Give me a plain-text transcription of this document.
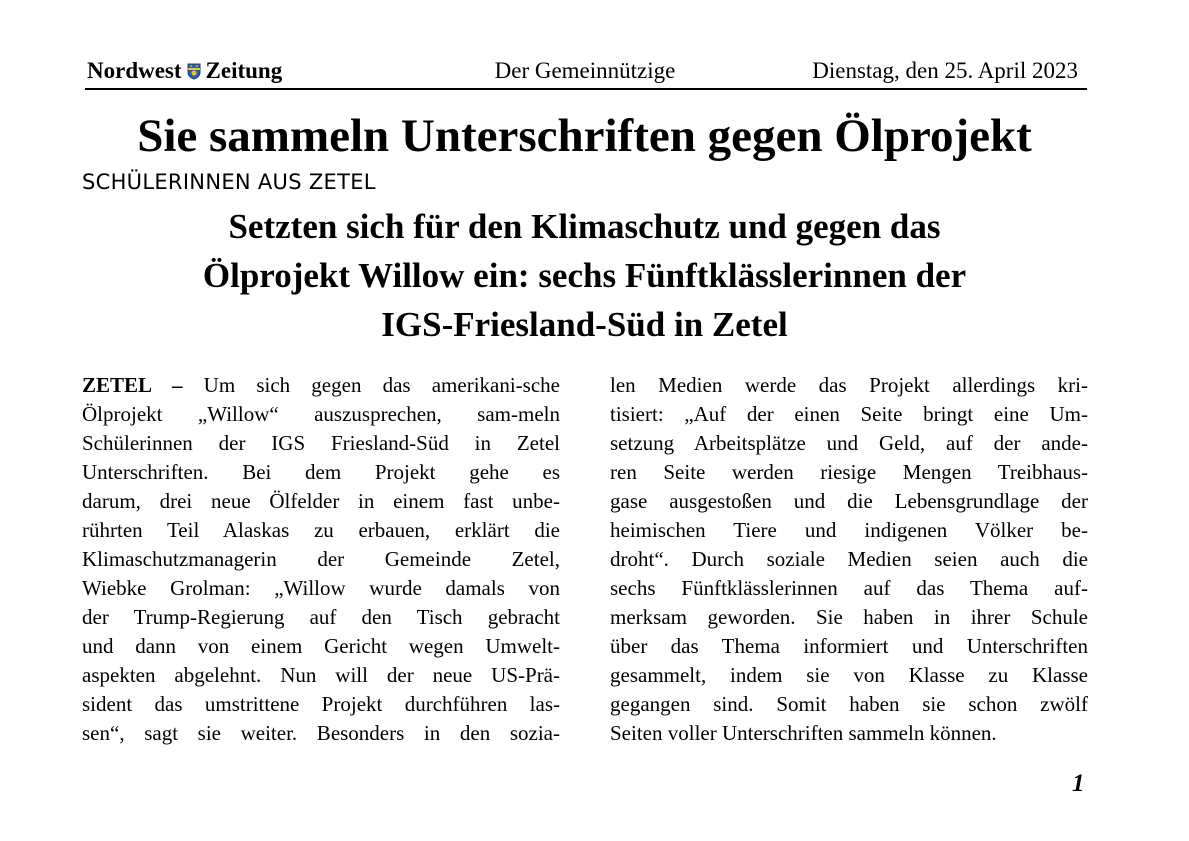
Nordwest Zeitung	Der Gemeinnützige	Dienstag, den 25. April 2023
Sie sammeln Unterschriften gegen Ölprojekt
SCHÜLERINNEN AUS ZETEL
Setzten sich für den Klimaschutz und gegen das
Ölprojekt Willow ein: sechs Fünftklässlerinnen der
IGS-Friesland-Süd in Zetel
ZETEL – Um sich gegen das amerikani-sche
Ölprojekt „Willow“ auszusprechen, sam-meln
Schülerinnen der IGS Friesland-Süd in Zetel
Unterschriften. Bei dem Projekt gehe es
darum, drei neue Ölfelder in einem fast unbe-
rührten Teil Alaskas zu erbauen, erklärt die
Klimaschutzmanagerin der Gemeinde Zetel,
Wiebke Grolman: „Willow wurde damals von
der Trump-Regierung auf den Tisch gebracht
und dann von einem Gericht wegen Umwelt-
aspekten abgelehnt. Nun will der neue US-Prä-
sident das umstrittene Projekt durchführen las-
sen“, sagt sie weiter. Besonders in den sozia-
len Medien werde das Projekt allerdings kri-
tisiert: „Auf der einen Seite bringt eine Um-
setzung Arbeitsplätze und Geld, auf der ande-
ren Seite werden riesige Mengen Treibhaus-
gase ausgestoßen und die Lebensgrundlage der
heimischen Tiere und indigenen Völker be-
droht“. Durch soziale Medien seien auch die
sechs Fünftklässlerinnen auf das Thema auf-
merksam geworden. Sie haben in ihrer Schule
über das Thema informiert und Unterschriften
gesammelt, indem sie von Klasse zu Klasse
gegangen sind. Somit haben sie schon zwölf
Seiten voller Unterschriften sammeln können.
1
